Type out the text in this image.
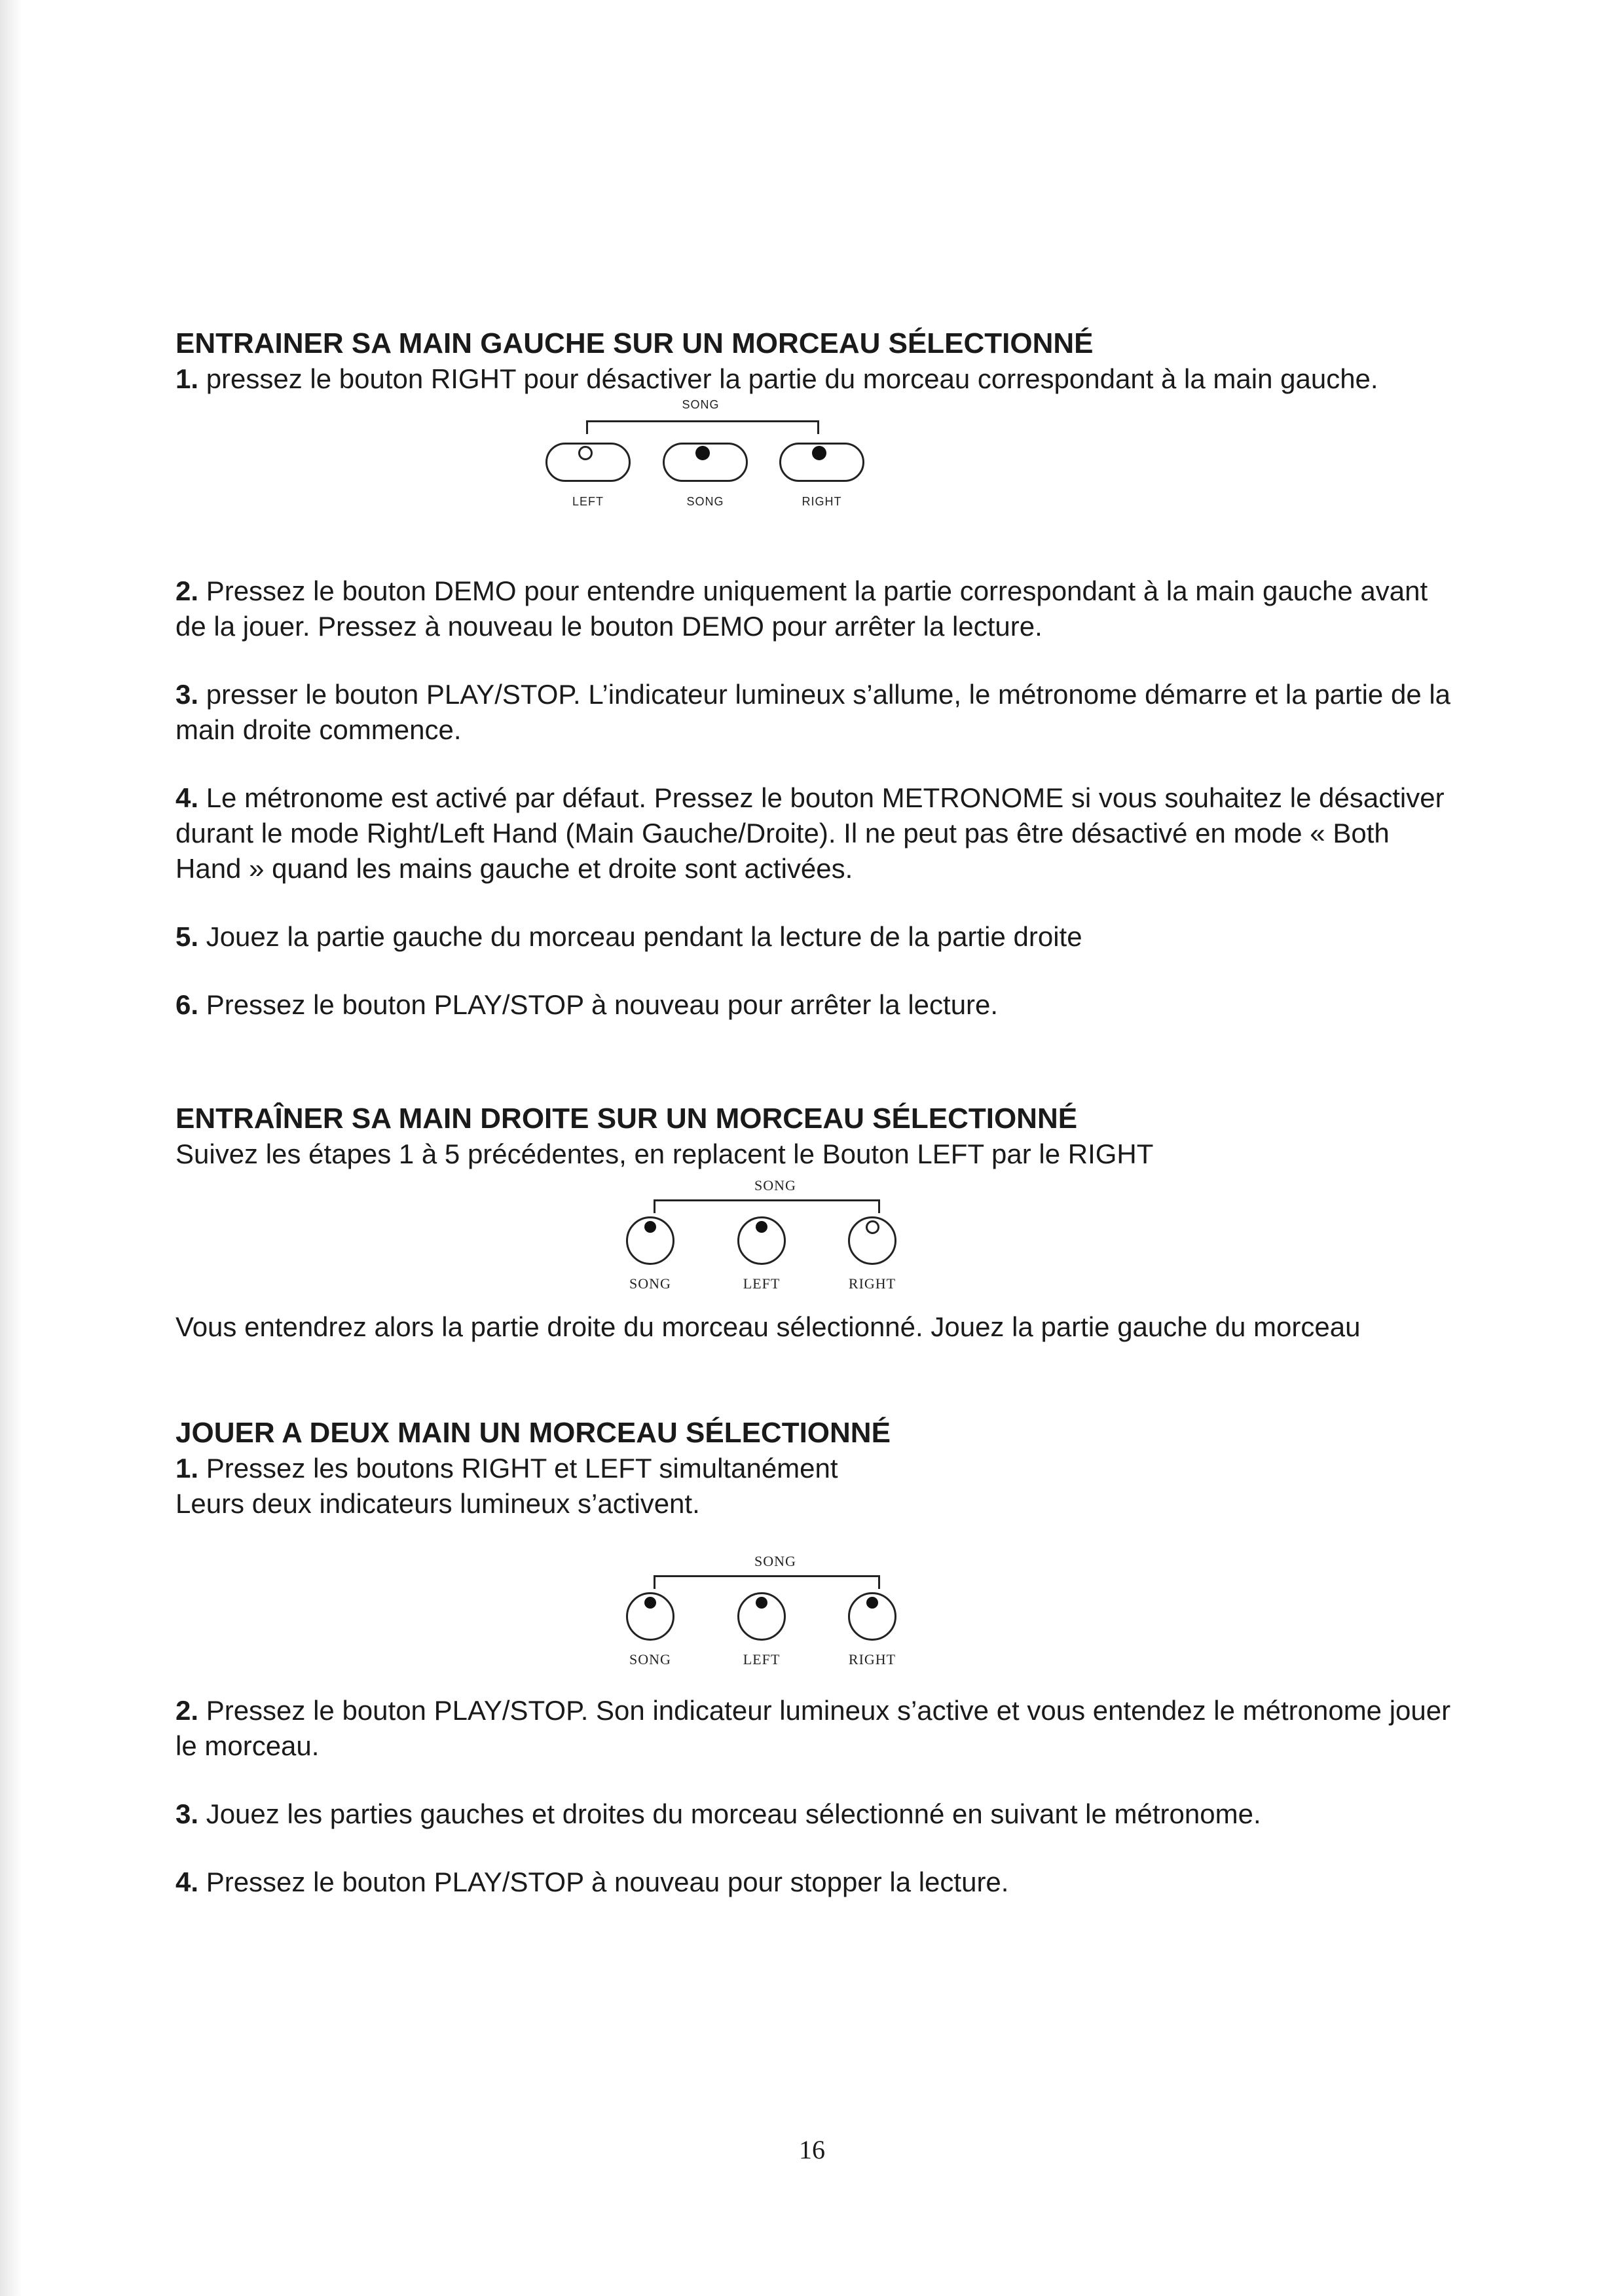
ENTRAINER SA MAIN GAUCHE SUR UN MORCEAU SÉLECTIONNÉ

1. pressez le bouton RIGHT pour désactiver la partie du morceau correspondant à la main gauche.

SONG
LEFT	SONG	RIGHT

2. Pressez le bouton DEMO pour entendre uniquement la partie correspondant à la main gauche avant de la jouer. Pressez à nouveau le bouton DEMO pour arrêter la lecture.

3. presser le bouton PLAY/STOP. L’indicateur lumineux s’allume, le métronome démarre et la partie de la main droite commence.

4. Le métronome est activé par défaut. Pressez le bouton METRONOME si vous souhaitez le désactiver durant le mode Right/Left Hand (Main Gauche/Droite). Il ne peut pas être désactivé en mode « Both Hand » quand les mains gauche et droite sont activées.

5. Jouez la partie gauche du morceau pendant la lecture de la partie droite

6. Pressez le bouton PLAY/STOP à nouveau pour arrêter la lecture.

ENTRAÎNER SA MAIN DROITE SUR UN MORCEAU SÉLECTIONNÉ

Suivez les étapes 1 à 5 précédentes, en replacent le Bouton LEFT par le RIGHT

SONG
SONG	LEFT	RIGHT

Vous entendrez alors la partie droite du morceau sélectionné. Jouez la partie gauche du morceau

JOUER A DEUX MAIN UN MORCEAU SÉLECTIONNÉ

1. Pressez les boutons RIGHT et LEFT simultanément

Leurs deux indicateurs lumineux s’activent.

SONG
SONG	LEFT	RIGHT

2. Pressez le bouton PLAY/STOP. Son indicateur lumineux s’active et vous entendez le métronome jouer le morceau.

3. Jouez les parties gauches et droites du morceau sélectionné en suivant le métronome.

4. Pressez le bouton PLAY/STOP à nouveau pour stopper la lecture.

16
